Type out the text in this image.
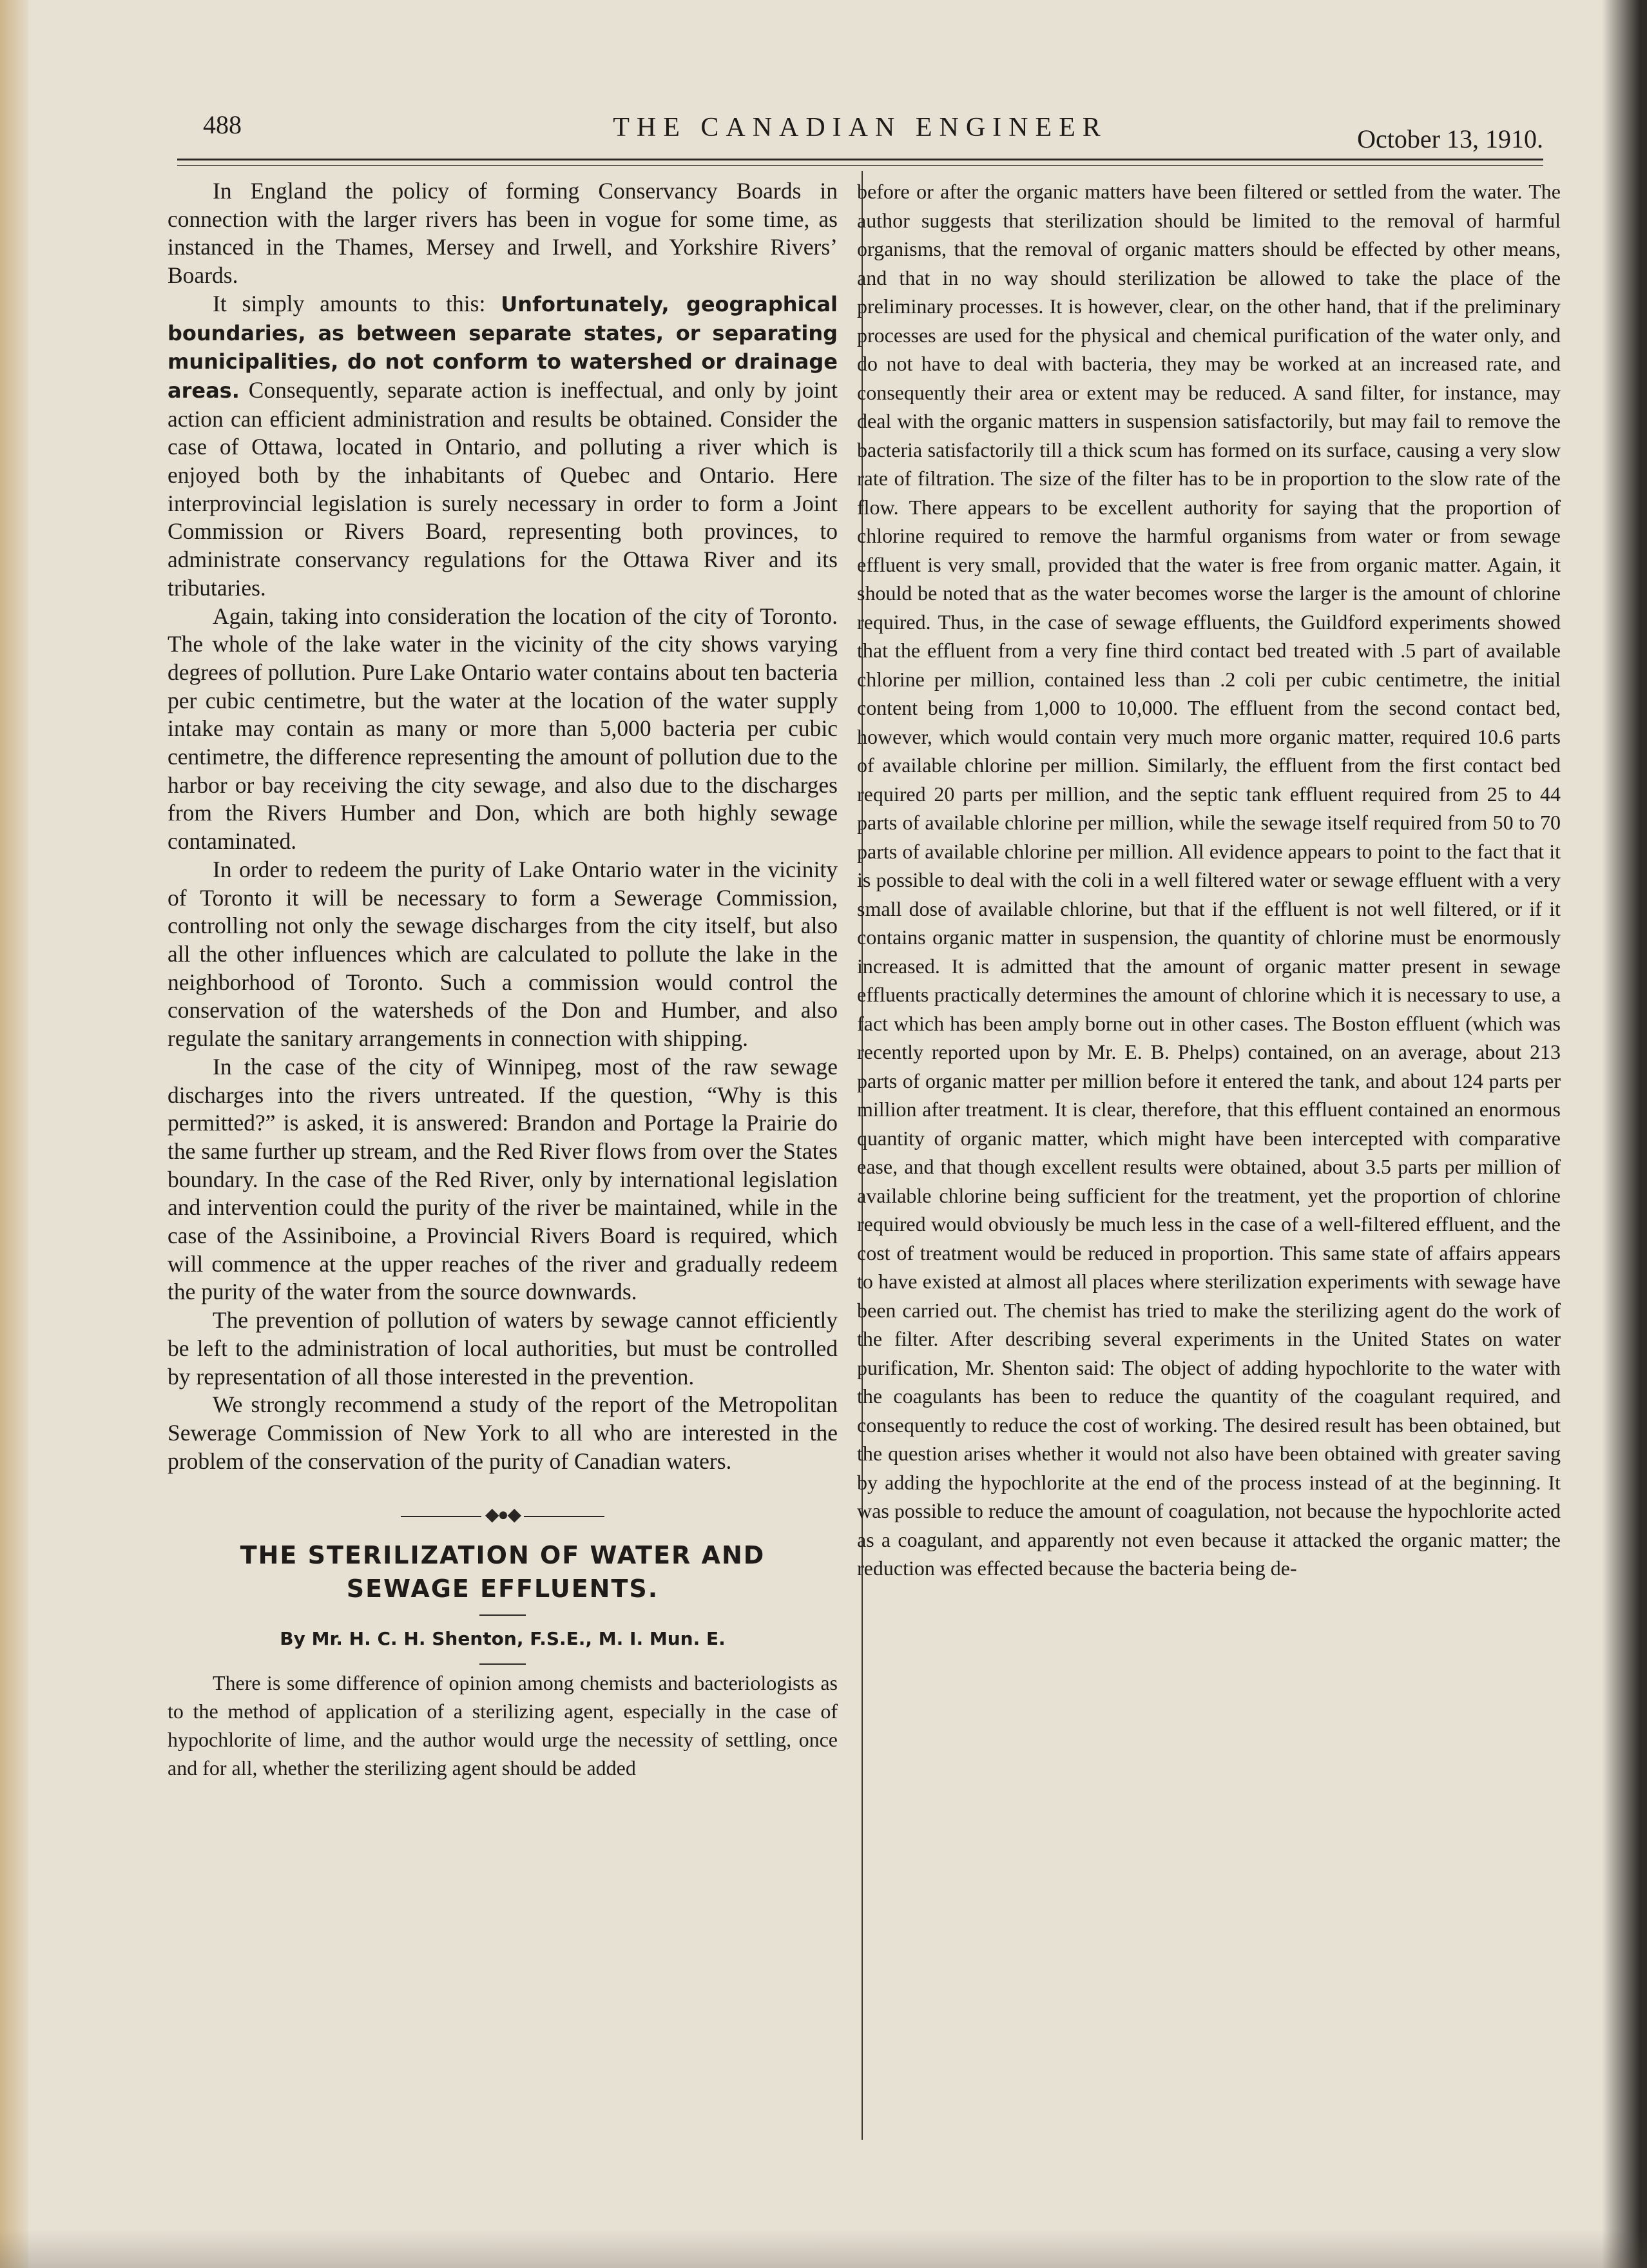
488	THE CANADIAN ENGINEER	October 13, 1910.

In England the policy of forming Conservancy Boards in connection with the larger rivers has been in vogue for some time, as instanced in the Thames, Mersey and Irwell, and Yorkshire Rivers’ Boards.

It simply amounts to this: Unfortunately, geographical boundaries, as between separate states, or separating municipalities, do not conform to watershed or drainage areas. Consequently, separate action is ineffectual, and only by joint action can efficient administration and results be obtained. Consider the case of Ottawa, located in Ontario, and polluting a river which is enjoyed both by the inhabitants of Quebec and Ontario. Here interprovincial legislation is surely necessary in order to form a Joint Commission or Rivers Board, representing both provinces, to administrate conservancy regulations for the Ottawa River and its tributaries.

Again, taking into consideration the location of the city of Toronto. The whole of the lake water in the vicinity of the city shows varying degrees of pollution. Pure Lake Ontario water contains about ten bacteria per cubic centimetre, but the water at the location of the water supply intake may contain as many or more than 5,000 bacteria per cubic centimetre, the difference representing the amount of pollution due to the harbor or bay receiving the city sewage, and also due to the discharges from the Rivers Humber and Don, which are both highly sewage contaminated.

In order to redeem the purity of Lake Ontario water in the vicinity of Toronto it will be necessary to form a Sewerage Commission, controlling not only the sewage discharges from the city itself, but also all the other influences which are calculated to pollute the lake in the neighborhood of Toronto. Such a commission would control the conservation of the watersheds of the Don and Humber, and also regulate the sanitary arrangements in connection with shipping.

In the case of the city of Winnipeg, most of the raw sewage discharges into the rivers untreated. If the question, “Why is this permitted?” is asked, it is answered: Brandon and Portage la Prairie do the same further up stream, and the Red River flows from over the States boundary. In the case of the Red River, only by international legislation and intervention could the purity of the river be maintained, while in the case of the Assiniboine, a Provincial Rivers Board is required, which will commence at the upper reaches of the river and gradually redeem the purity of the water from the source downwards.

The prevention of pollution of waters by sewage cannot efficiently be left to the administration of local authorities, but must be controlled by representation of all those interested in the prevention.

We strongly recommend a study of the report of the Metropolitan Sewerage Commission of New York to all who are interested in the problem of the conservation of the purity of Canadian waters.

◆●◆
THE STERILIZATION OF WATER AND
SEWAGE EFFLUENTS.
By Mr. H. C. H. Shenton, F.S.E., M. I. Mun. E.

There is some difference of opinion among chemists and bacteriologists as to the method of application of a sterilizing agent, especially in the case of hypochlorite of lime, and the author would urge the necessity of settling, once and for all, whether the sterilizing agent should be added

before or after the organic matters have been filtered or settled from the water. The author suggests that sterilization should be limited to the removal of harmful organisms, that the removal of organic matters should be effected by other means, and that in no way should sterilization be allowed to take the place of the preliminary processes. It is however, clear, on the other hand, that if the preliminary processes are used for the physical and chemical purification of the water only, and do not have to deal with bacteria, they may be worked at an increased rate, and consequently their area or extent may be reduced. A sand filter, for instance, may deal with the organic matters in suspension satisfactorily, but may fail to remove the bacteria satisfactorily till a thick scum has formed on its surface, causing a very slow rate of filtration. The size of the filter has to be in proportion to the slow rate of the flow. There appears to be excellent authority for saying that the proportion of chlorine required to remove the harmful organisms from water or from sewage effluent is very small, provided that the water is free from organic matter. Again, it should be noted that as the water becomes worse the larger is the amount of chlorine required. Thus, in the case of sewage effluents, the Guildford experiments showed that the effluent from a very fine third contact bed treated with .5 part of available chlorine per million, contained less than .2 coli per cubic centimetre, the initial content being from 1,000 to 10,000. The effluent from the second contact bed, however, which would contain very much more organic matter, required 10.6 parts of available chlorine per million. Similarly, the effluent from the first contact bed required 20 parts per million, and the septic tank effluent required from 25 to 44 parts of available chlorine per million, while the sewage itself required from 50 to 70 parts of available chlorine per million. All evidence appears to point to the fact that it is possible to deal with the coli in a well filtered water or sewage effluent with a very small dose of available chlorine, but that if the effluent is not well filtered, or if it contains organic matter in suspension, the quantity of chlorine must be enormously increased. It is admitted that the amount of organic matter present in sewage effluents practically determines the amount of chlorine which it is necessary to use, a fact which has been amply borne out in other cases. The Boston effluent (which was recently reported upon by Mr. E. B. Phelps) contained, on an average, about 213 parts of organic matter per million before it entered the tank, and about 124 parts per million after treatment. It is clear, therefore, that this effluent contained an enormous quantity of organic matter, which might have been intercepted with comparative ease, and that though excellent results were obtained, about 3.5 parts per million of available chlorine being sufficient for the treatment, yet the proportion of chlorine required would obviously be much less in the case of a well-filtered effluent, and the cost of treatment would be reduced in proportion. This same state of affairs appears to have existed at almost all places where sterilization experiments with sewage have been carried out. The chemist has tried to make the sterilizing agent do the work of the filter. After describing several experiments in the United States on water purification, Mr. Shenton said: The object of adding hypochlorite to the water with the coagulants has been to reduce the quantity of the coagulant required, and consequently to reduce the cost of working. The desired result has been obtained, but the question arises whether it would not also have been obtained with greater saving by adding the hypochlorite at the end of the process instead of at the beginning. It was possible to reduce the amount of coagulation, not because the hypochlorite acted as a coagulant, and apparently not even because it attacked the organic matter; the reduction was effected because the bacteria being de-
